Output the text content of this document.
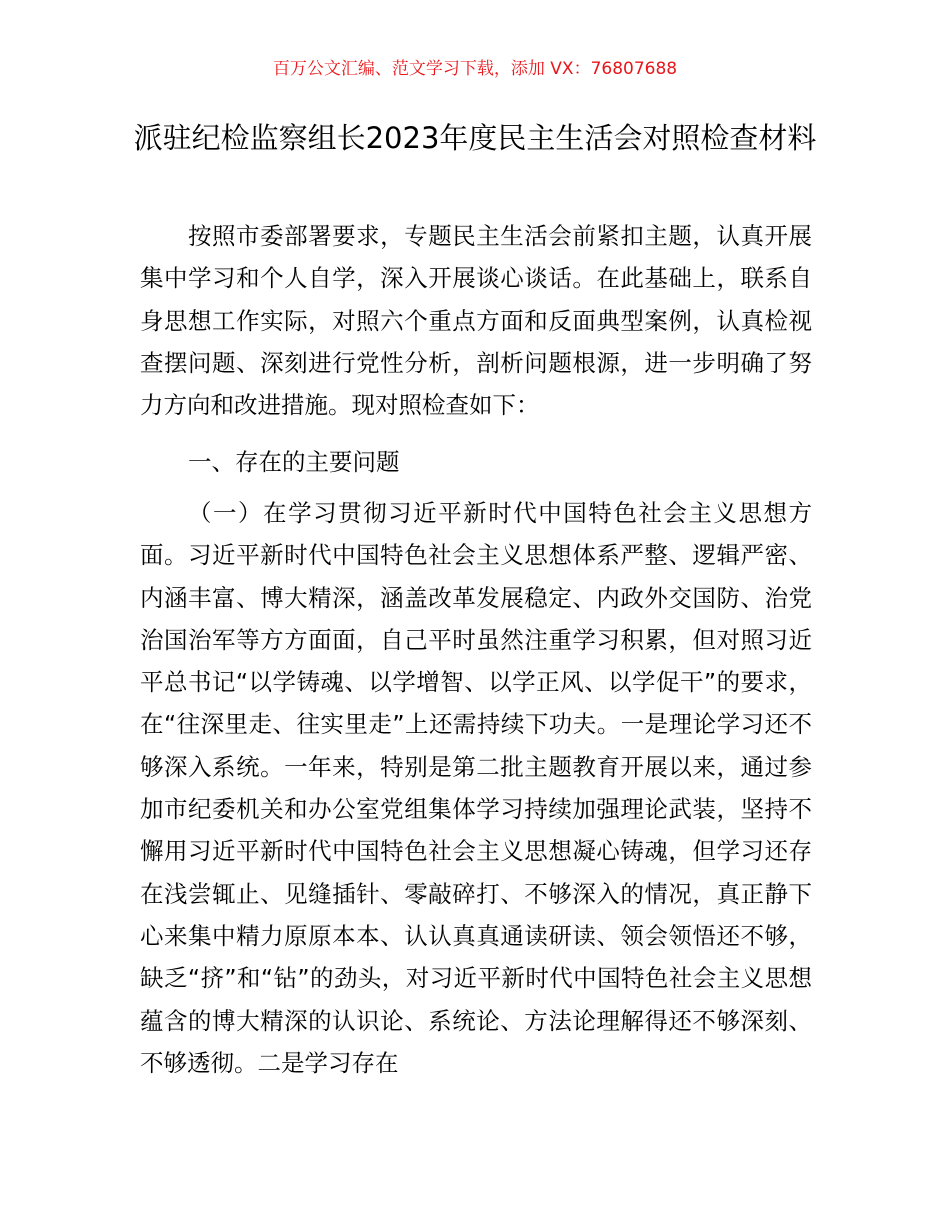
百万公文汇编、范文学习下载，添加 VX：76807688
派驻纪检监察组长2023年度民主生活会对照检查材料

按照市委部署要求，专题民主生活会前紧扣主题，认真开展集中学习和个人自学，深入开展谈心谈话。在此基础上，联系自身思想工作实际，对照六个重点方面和反面典型案例，认真检视查摆问题、深刻进行党性分析，剖析问题根源，进一步明确了努力方向和改进措施。现对照检查如下：

一、存在的主要问题

（一）在学习贯彻习近平新时代中国特色社会主义思想方面。习近平新时代中国特色社会主义思想体系严整、逻辑严密、内涵丰富、博大精深，涵盖改革发展稳定、内政外交国防、治党治国治军等方方面面，自己平时虽然注重学习积累，但对照习近平总书记“以学铸魂、以学增智、以学正风、以学促干”的要求，在“往深里走、往实里走”上还需持续下功夫。一是理论学习还不够深入系统。一年来，特别是第二批主题教育开展以来，通过参加市纪委机关和办公室党组集体学习持续加强理论武装，坚持不懈用习近平新时代中国特色社会主义思想凝心铸魂，但学习还存在浅尝辄止、见缝插针、零敲碎打、不够深入的情况，真正静下心来集中精力原原本本、认认真真通读研读、领会领悟还不够，缺乏“挤”和“钻”的劲头，对习近平新时代中国特色社会主义思想蕴含的博大精深的认识论、系统论、方法论理解得还不够深刻、不够透彻。二是学习存在
